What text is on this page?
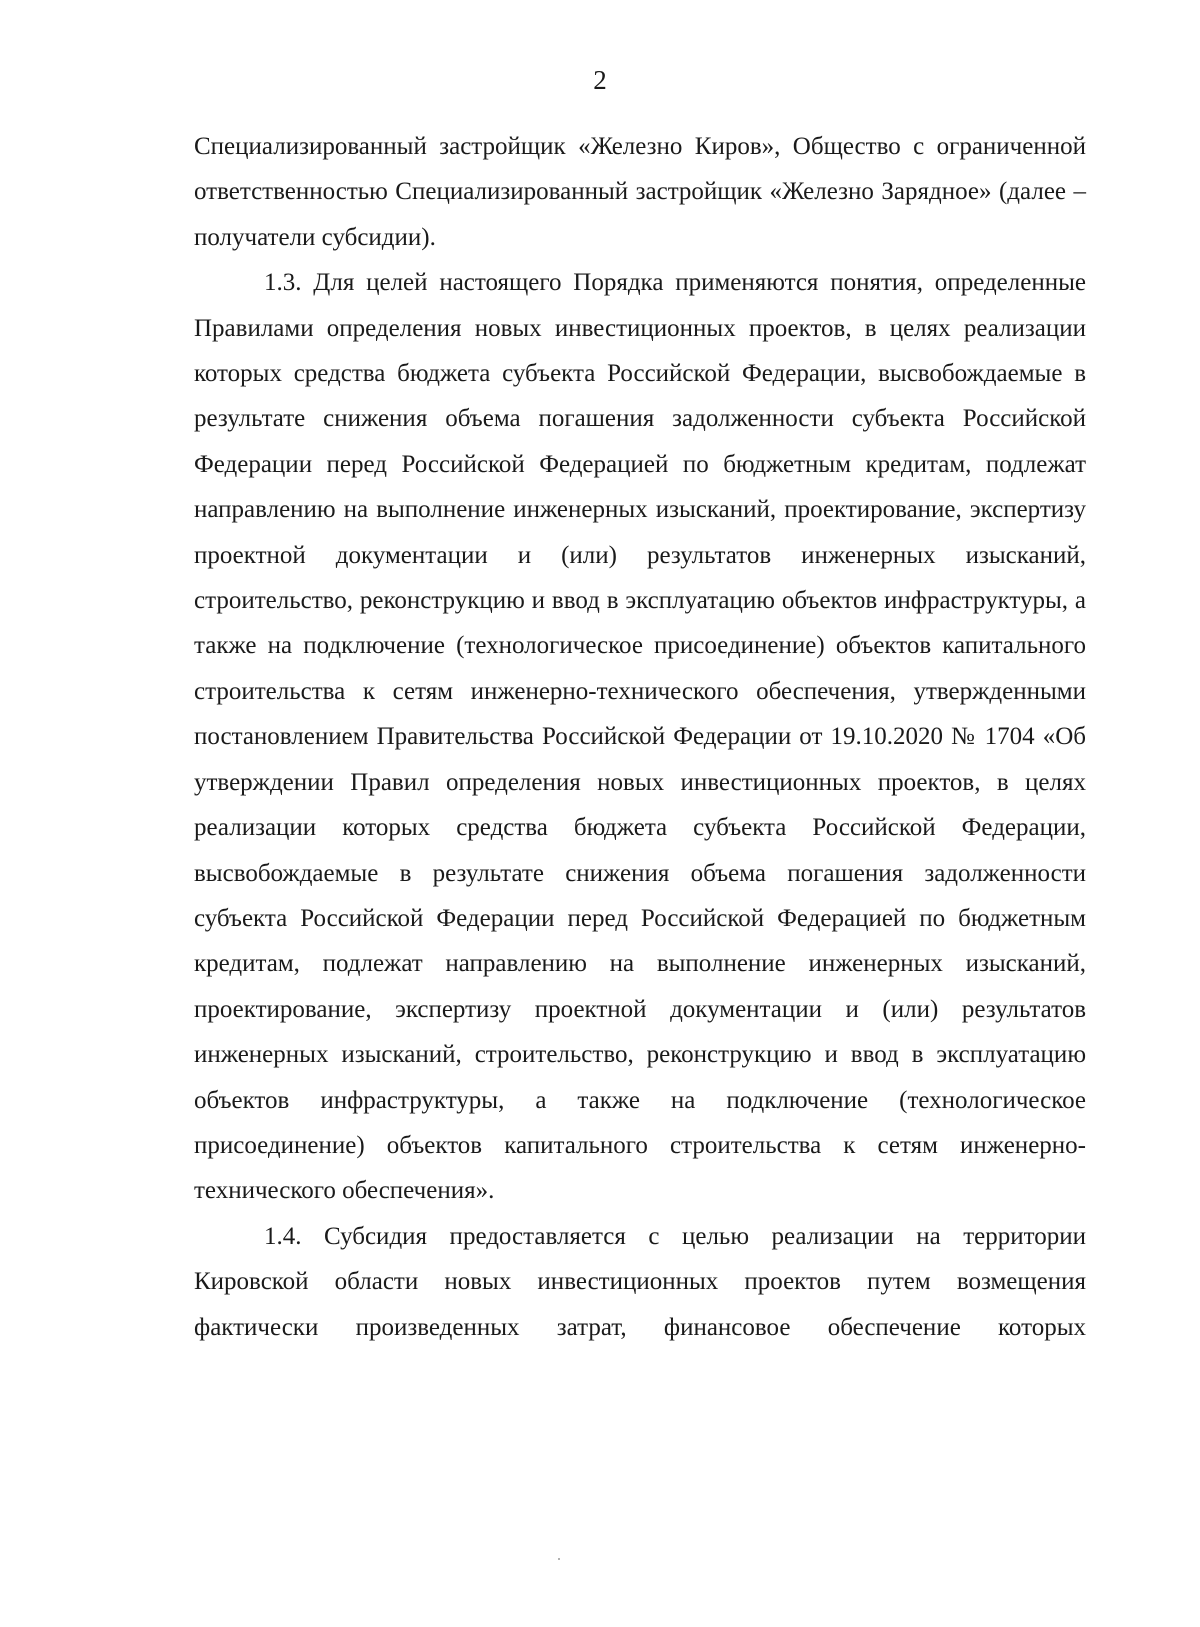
2

Специализированный застройщик «Железно Киров», Общество с ограниченной ответственностью Специализированный застройщик «Железно Зарядное» (далее – получатели субсидии).

1.3. Для целей настоящего Порядка применяются понятия, определенные Правилами определения новых инвестиционных проектов, в целях реализации которых средства бюджета субъекта Российской Федерации, высвобождаемые в результате снижения объема погашения задолженности субъекта Российской Федерации перед Российской Федерацией по бюджетным кредитам, подлежат направлению на выполнение инженерных изысканий, проектирование, экспертизу проектной документации и (или) результатов инженерных изысканий, строительство, реконструкцию и ввод в эксплуатацию объектов инфраструктуры, а также на подключение (технологическое присоединение) объектов капитального строительства к сетям инженерно-технического обеспечения, утвержденными постановлением Правительства Российской Федерации от 19.10.2020 № 1704 «Об утверждении Правил определения новых инвестиционных проектов, в целях реализации которых средства бюджета субъекта Российской Федерации, высвобождаемые в результате снижения объема погашения задолженности субъекта Российской Федерации перед Российской Федерацией по бюджетным кредитам, подлежат направлению на выполнение инженерных изысканий, проектирование, экспертизу проектной документации и (или) результатов инженерных изысканий, строительство, реконструкцию и ввод в эксплуатацию объектов инфраструктуры, а также на подключение (технологическое присоединение) объектов капитального строительства к сетям инженерно-технического обеспечения».

1.4. Субсидия предоставляется с целью реализации на территории Кировской области новых инвестиционных проектов путем возмещения фактически произведенных затрат, финансовое обеспечение которых
